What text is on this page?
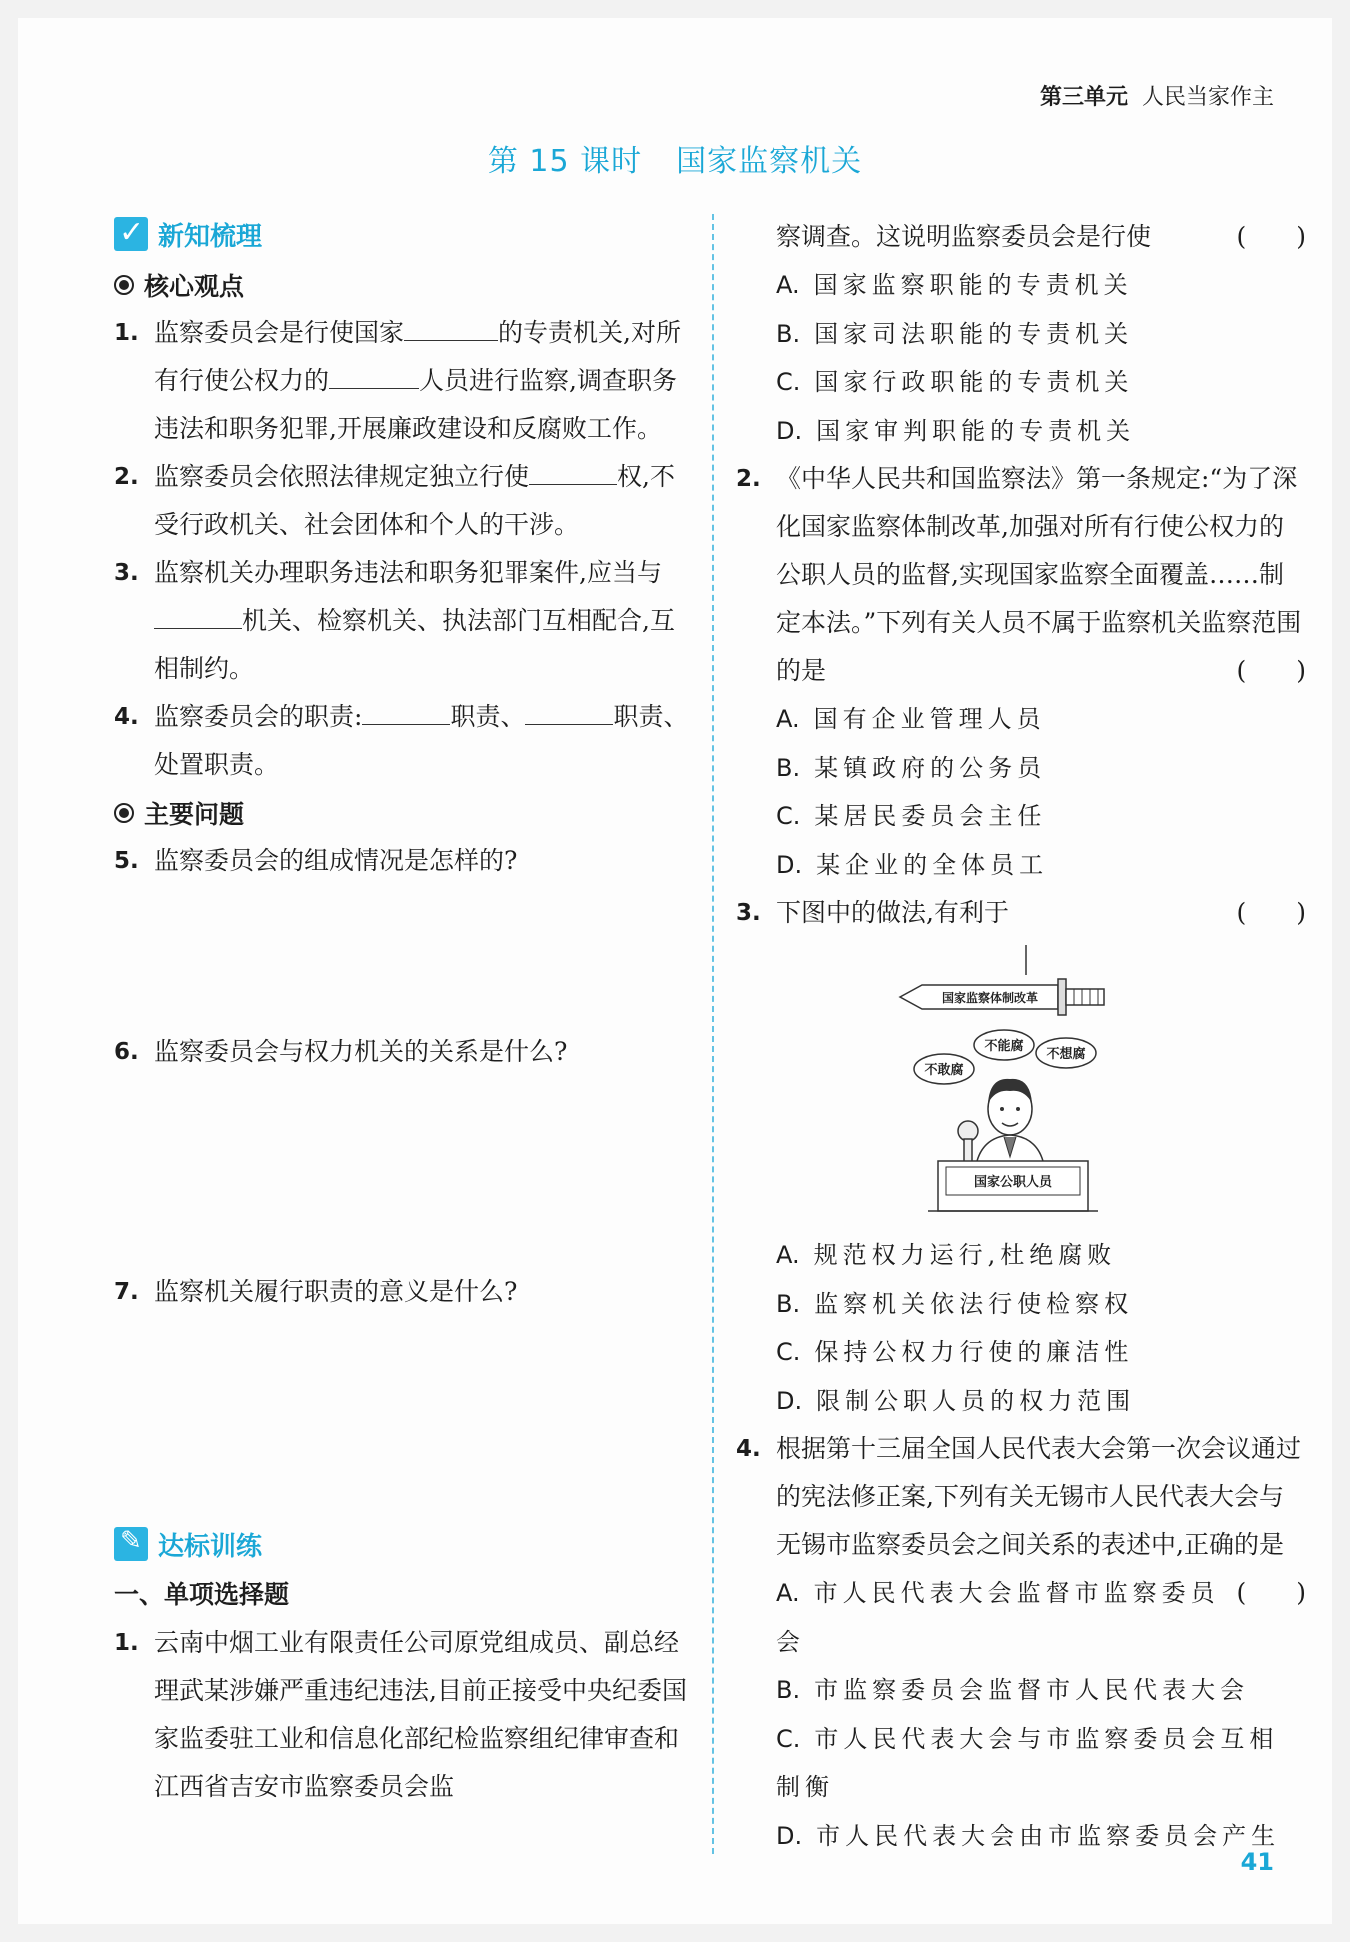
第三单元 人民当家作主
第 15 课时 国家监察机关
✓
新知梳理
核心观点
1. 监察委员会是行使国家	的专责机关,对所有行使公权力的	人员进行监察,调查职务违法和职务犯罪,开展廉政建设和反腐败工作。
2. 监察委员会依照法律规定独立行使	权,不受行政机关、社会团体和个人的干涉。
3. 监察机关办理职务违法和职务犯罪案件,应当与机关、检察机关、执法部门互相配合,互相制约。
4. 监察委员会的职责:	职责、	职责、处置职责。
主要问题
5. 监察委员会的组成情况是怎样的?
6. 监察委员会与权力机关的关系是什么?
7. 监察机关履行职责的意义是什么?
✎
达标训练
一、单项选择题
1. 云南中烟工业有限责任公司原党组成员、副总经理武某涉嫌严重违纪违法,目前正接受中央纪委国家监委驻工业和信息化部纪检监察组纪律审查和江西省吉安市监察委员会监
察调查。这说明监察委员会是行使	(　　)
A. 国家监察职能的专责机关
B. 国家司法职能的专责机关
C. 国家行政职能的专责机关
D. 国家审判职能的专责机关
2. 《中华人民共和国监察法》第一条规定:“为了深化国家监察体制改革,加强对所有行使公权力的公职人员的监督,实现国家监察全面覆盖……制定本法。”下列有关人员不属于监察机关监察范围的是	(　　)
A. 国有企业管理人员
B. 某镇政府的公务员
C. 某居民委员会主任
D. 某企业的全体员工
3. 下图中的做法,有利于	(　　)
国家监察体制改革
不能腐
不想腐
不敢腐
国家公职人员
A. 规范权力运行,杜绝腐败
B. 监察机关依法行使检察权
C. 保持公权力行使的廉洁性
D. 限制公职人员的权力范围
4. 根据第十三届全国人民代表大会第一次会议通过的宪法修正案,下列有关无锡市人民代表大会与无锡市监察委员会之间关系的表述中,正确的是
(　　)
A. 市人民代表大会监督市监察委员会
B. 市监察委员会监督市人民代表大会
C. 市人民代表大会与市监察委员会互相制衡
D. 市人民代表大会由市监察委员会产生
41
